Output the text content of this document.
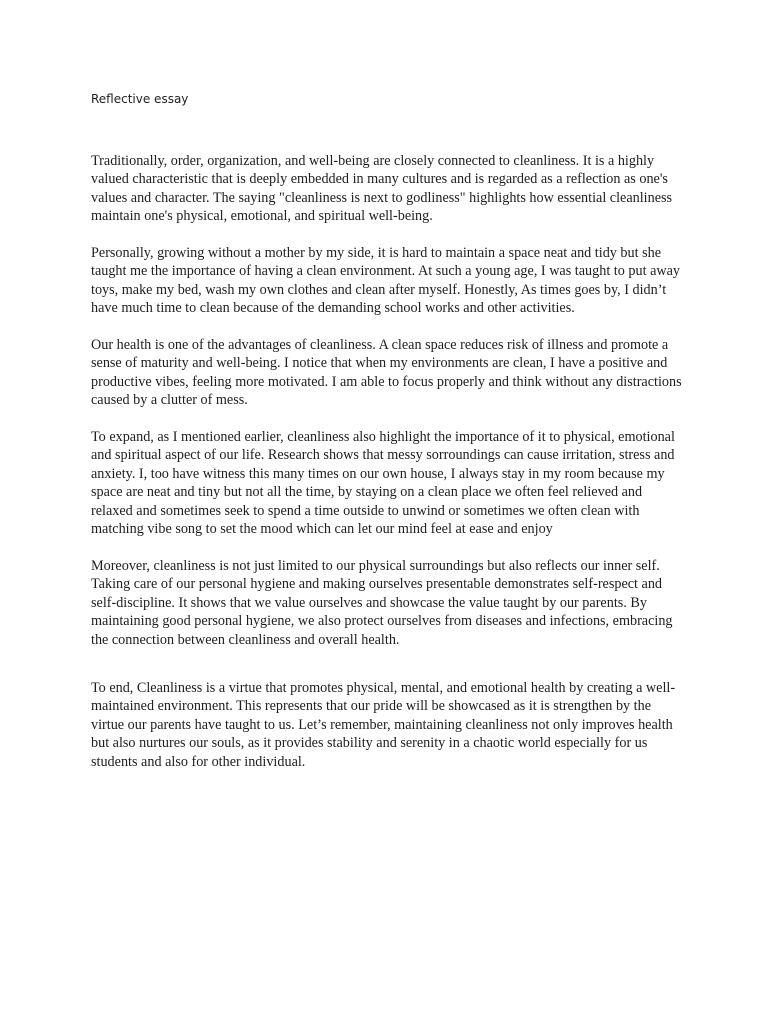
Reflective essay

Traditionally, order, organization, and well-being are closely connected to cleanliness. It is a highly valued characteristic that is deeply embedded in many cultures and is regarded as a reflection as one's values and character. The saying "cleanliness is next to godliness" highlights how essential cleanliness maintain one's physical, emotional, and spiritual well-being.

Personally, growing without a mother by my side, it is hard to maintain a space neat and tidy but she taught me the importance of having a clean environment. At such a young age, I was taught to put away toys, make my bed, wash my own clothes and clean after myself. Honestly, As times goes by, I didn’t have much time to clean because of the demanding school works and other activities.

Our health is one of the advantages of cleanliness. A clean space reduces risk of illness and promote a sense of maturity and well-being. I notice that when my environments are clean, I have a positive and productive vibes, feeling more motivated. I am able to focus properly and think without any distractions caused by a clutter of mess.

To expand, as I mentioned earlier, cleanliness also highlight the importance of it to physical, emotional and spiritual aspect of our life. Research shows that messy sorroundings can cause irritation, stress and anxiety. I, too have witness this many times on our own house, I always stay in my room because my space are neat and tiny but not all the time, by staying on a clean place we often feel relieved and relaxed and sometimes seek to spend a time outside to unwind or sometimes we often clean with matching vibe song to set the mood which can let our mind feel at ease and enjoy

Moreover, cleanliness is not just limited to our physical surroundings but also reflects our inner self. Taking care of our personal hygiene and making ourselves presentable demonstrates self-respect and self-discipline. It shows that we value ourselves and showcase the value taught by our parents. By maintaining good personal hygiene, we also protect ourselves from diseases and infections, embracing the connection between cleanliness and overall health.

To end, Cleanliness is a virtue that promotes physical, mental, and emotional health by creating a well-maintained environment. This represents that our pride will be showcased as it is strengthen by the virtue our parents have taught to us. Let’s remember, maintaining cleanliness not only improves health but also nurtures our souls, as it provides stability and serenity in a chaotic world especially for us students and also for other individual.
